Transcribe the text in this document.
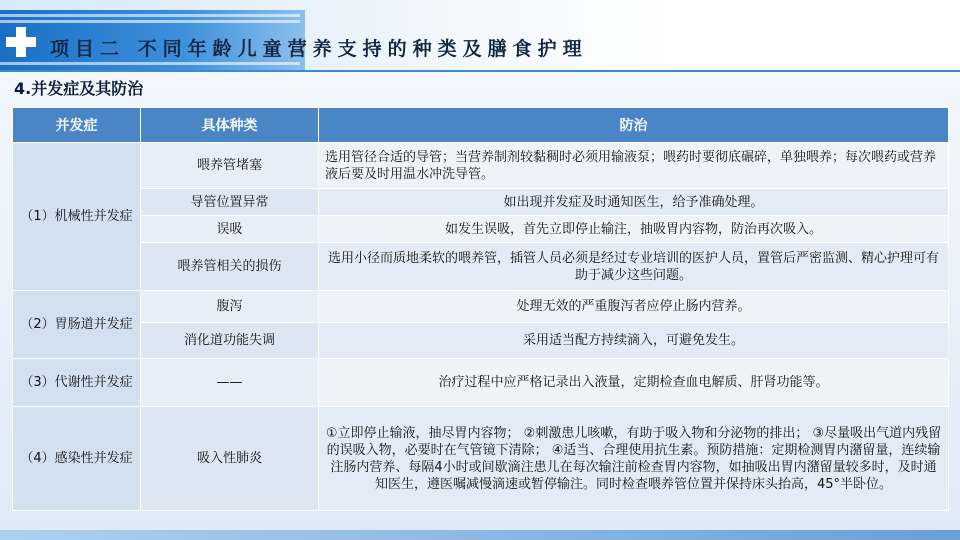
项目二 不同年龄儿童营养支持的种类及膳食护理
4.并发症及其防治
并发症	具体种类	防治
（1）机械性并发症	喂养管堵塞	选用管径合适的导管；当营养制剂较黏稠时必须用输液泵；喂药时要彻底碾碎，单独喂养；每次喂药或营养液后要及时用温水冲洗导管。
	导管位置异常	如出现并发症及时通知医生，给予准确处理。
	误吸	如发生误吸，首先立即停止输注，抽吸胃内容物，防治再次吸入。
	喂养管相关的损伤	选用小径而质地柔软的喂养管，插管人员必须是经过专业培训的医护人员，置管后严密监测、精心护理可有助于减少这些问题。
（2）胃肠道并发症	腹泻	处理无效的严重腹泻者应停止肠内营养。
	消化道功能失调	采用适当配方持续滴入，可避免发生。
（3）代谢性并发症	——	治疗过程中应严格记录出入液量，定期检查血电解质、肝肾功能等。
（4）感染性并发症	吸入性肺炎	①立即停止输液，抽尽胃内容物； ②刺激患儿咳嗽，有助于吸入物和分泌物的排出； ③尽量吸出气道内残留的误吸入物，必要时在气管镜下清除； ④适当、合理使用抗生素。预防措施：定期检测胃内潴留量，连续输注肠内营养、每隔4小时或间歇滴注患儿在每次输注前检查胃内容物，如抽吸出胃内潴留量较多时，及时通知医生，遵医嘱减慢滴速或暂停输注。同时检查喂养管位置并保持床头抬高，45°半卧位。
